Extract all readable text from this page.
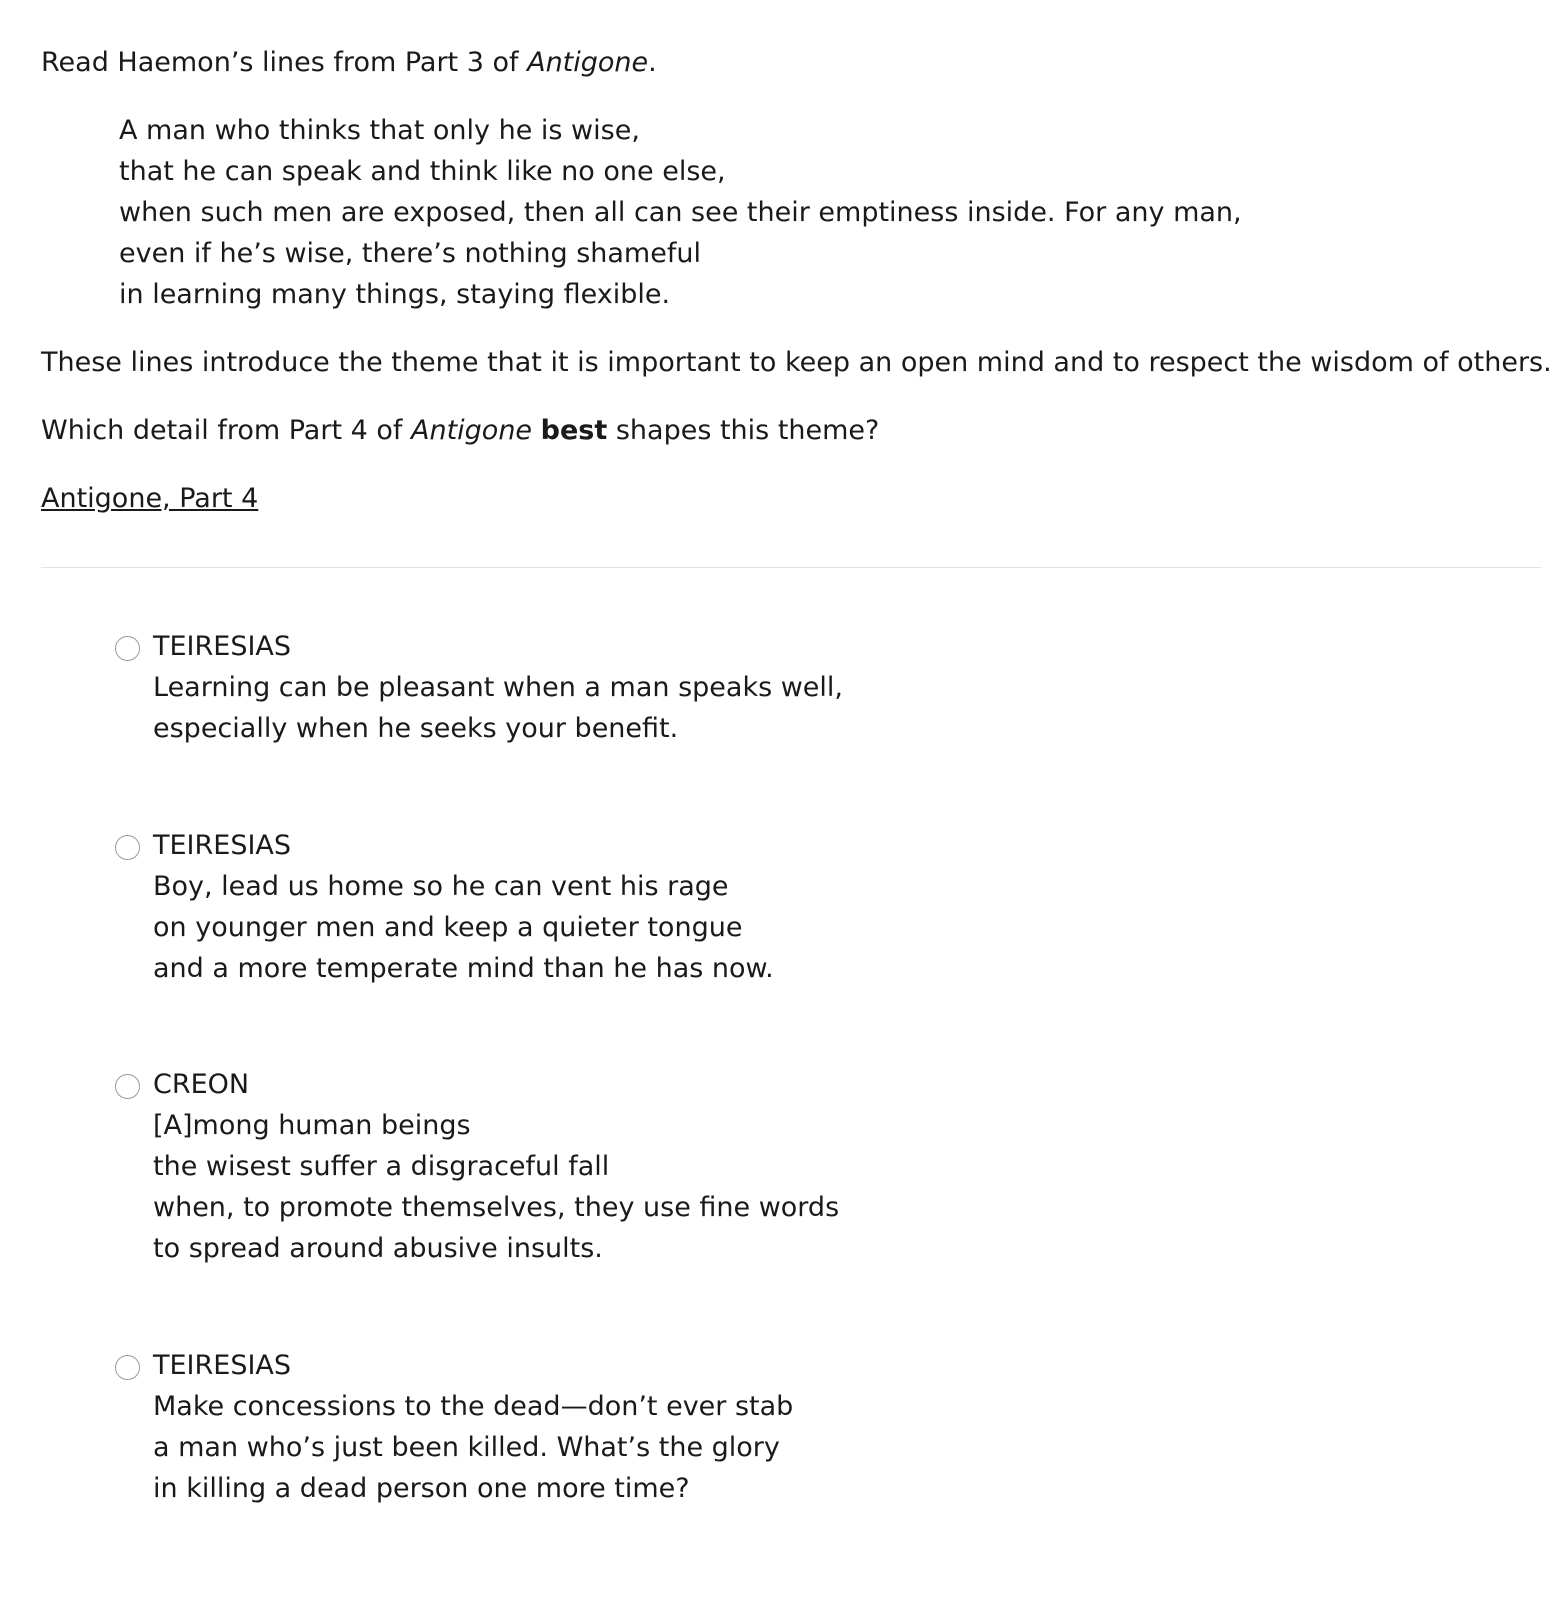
Read Haemon’s lines from Part 3 of Antigone.
A man who thinks that only he is wise,
that he can speak and think like no one else,
when such men are exposed, then all can see their emptiness inside. For any man,
even if he’s wise, there’s nothing shameful
in learning many things, staying flexible.
These lines introduce the theme that it is important to keep an open mind and to respect the wisdom of others.
Which detail from Part 4 of Antigone best shapes this theme?
Antigone, Part 4
TEIRESIAS
Learning can be pleasant when a man speaks well,
especially when he seeks your benefit.
TEIRESIAS
Boy, lead us home so he can vent his rage
on younger men and keep a quieter tongue
and a more temperate mind than he has now.
CREON
[A]mong human beings
the wisest suffer a disgraceful fall
when, to promote themselves, they use fine words
to spread around abusive insults.
TEIRESIAS
Make concessions to the dead—don’t ever stab
a man who’s just been killed. What’s the glory
in killing a dead person one more time?
